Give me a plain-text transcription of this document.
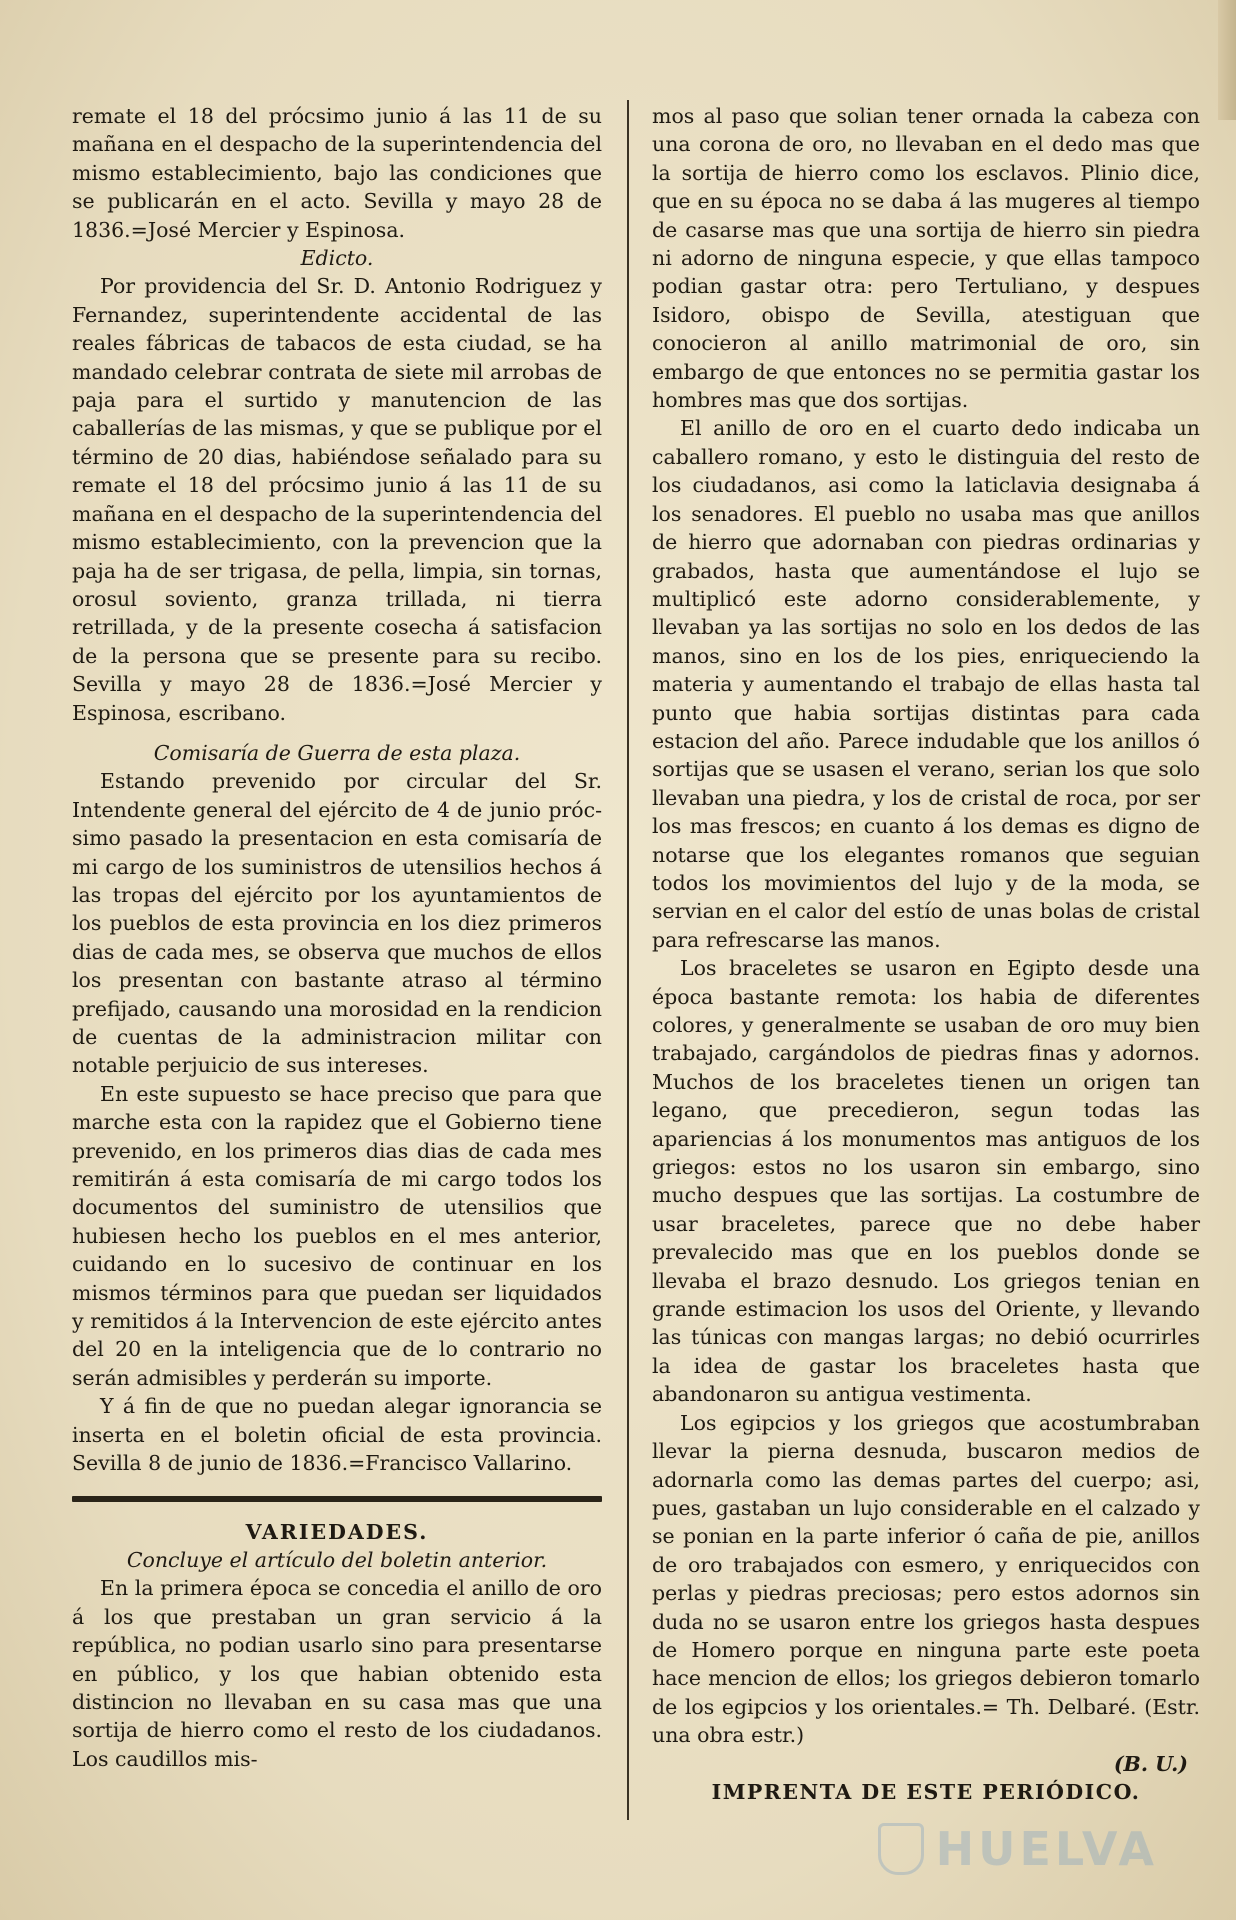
remate el 18 del prócsimo junio á las 11 de su mañana en el despacho de la superintendencia del mismo establecimiento, bajo las condiciones que se publicarán en el acto. Sevilla y mayo 28 de 1836.=José Mercier y Espinosa.

Edicto.

Por providencia del Sr. D. Antonio Rodriguez y Fernandez, superintendente accidental de las reales fábricas de tabacos de esta ciudad, se ha mandado celebrar contrata de siete mil arrobas de paja para el surtido y manutencion de las caballerías de las mismas, y que se publique por el término de 20 dias, habiéndose señalado para su remate el 18 del prócsimo junio á las 11 de su mañana en el despacho de la superintendencia del mismo establecimiento, con la prevencion que la paja ha de ser trigasa, de pella, limpia, sin tornas, orosul soviento, granza trillada, ni tierra retrillada, y de la presente cosecha á satisfacion de la persona que se presente para su recibo. Sevilla y mayo 28 de 1836.=José Mercier y Espinosa, escribano.

Comisaría de Guerra de esta plaza.

Estando prevenido por circular del Sr. Intendente general del ejército de 4 de junio próc-simo pasado la presentacion en esta comisaría de mi cargo de los suministros de utensilios hechos á las tropas del ejército por los ayuntamientos de los pueblos de esta provincia en los diez primeros dias de cada mes, se observa que muchos de ellos los presentan con bastante atraso al término prefijado, causando una morosidad en la rendicion de cuentas de la administracion militar con notable perjuicio de sus intereses.

En este supuesto se hace preciso que para que marche esta con la rapidez que el Gobierno tiene prevenido, en los primeros dias dias de cada mes remitirán á esta comisaría de mi cargo todos los documentos del suministro de utensilios que hubiesen hecho los pueblos en el mes anterior, cuidando en lo sucesivo de continuar en los mismos términos para que puedan ser liquidados y remitidos á la Intervencion de este ejército antes del 20 en la inteligencia que de lo contrario no serán admisibles y perderán su importe.

Y á fin de que no puedan alegar ignorancia se inserta en el boletin oficial de esta provincia. Sevilla 8 de junio de 1836.=Francisco Vallarino.

VARIEDADES.

Concluye el artículo del boletin anterior.

En la primera época se concedia el anillo de oro á los que prestaban un gran servicio á la república, no podian usarlo sino para presentarse en público, y los que habian obtenido esta distincion no llevaban en su casa mas que una sortija de hierro como el resto de los ciudadanos. Los caudillos mis-

mos al paso que solian tener ornada la cabeza con una corona de oro, no llevaban en el dedo mas que la sortija de hierro como los esclavos. Plinio dice, que en su época no se daba á las mugeres al tiempo de casarse mas que una sortija de hierro sin piedra ni adorno de ninguna especie, y que ellas tampoco podian gastar otra: pero Tertuliano, y despues Isidoro, obispo de Sevilla, atestiguan que conocieron al anillo matrimonial de oro, sin embargo de que entonces no se permitia gastar los hombres mas que dos sortijas.

El anillo de oro en el cuarto dedo indicaba un caballero romano, y esto le distinguia del resto de los ciudadanos, asi como la laticlavia designaba á los senadores. El pueblo no usaba mas que anillos de hierro que adornaban con piedras ordinarias y grabados, hasta que aumentándose el lujo se multiplicó este adorno considerablemente, y llevaban ya las sortijas no solo en los dedos de las manos, sino en los de los pies, enriqueciendo la materia y aumentando el trabajo de ellas hasta tal punto que habia sortijas distintas para cada estacion del año. Parece indudable que los anillos ó sortijas que se usasen el verano, serian los que solo llevaban una piedra, y los de cristal de roca, por ser los mas frescos; en cuanto á los demas es digno de notarse que los elegantes romanos que seguian todos los movimientos del lujo y de la moda, se servian en el calor del estío de unas bolas de cristal para refrescarse las manos.

Los braceletes se usaron en Egipto desde una época bastante remota: los habia de diferentes colores, y generalmente se usaban de oro muy bien trabajado, cargándolos de piedras finas y adornos. Muchos de los braceletes tienen un origen tan legano, que precedieron, segun todas las apariencias á los monumentos mas antiguos de los griegos: estos no los usaron sin embargo, sino mucho despues que las sortijas. La costumbre de usar braceletes, parece que no debe haber prevalecido mas que en los pueblos donde se llevaba el brazo desnudo. Los griegos tenian en grande estimacion los usos del Oriente, y llevando las túnicas con mangas largas; no debió ocurrirles la idea de gastar los braceletes hasta que abandonaron su antigua vestimenta.

Los egipcios y los griegos que acostumbraban llevar la pierna desnuda, buscaron medios de adornarla como las demas partes del cuerpo; asi, pues, gastaban un lujo considerable en el calzado y se ponian en la parte inferior ó caña de pie, anillos de oro trabajados con esmero, y enriquecidos con perlas y piedras preciosas; pero estos adornos sin duda no se usaron entre los griegos hasta despues de Homero porque en ninguna parte este poeta hace mencion de ellos; los griegos debieron tomarlo de los egipcios y los orientales.= Th. Delbaré. (Estr. una obra estr.)

(B. U.)

IMPRENTA DE ESTE PERIÓDICO.

HUELVA
